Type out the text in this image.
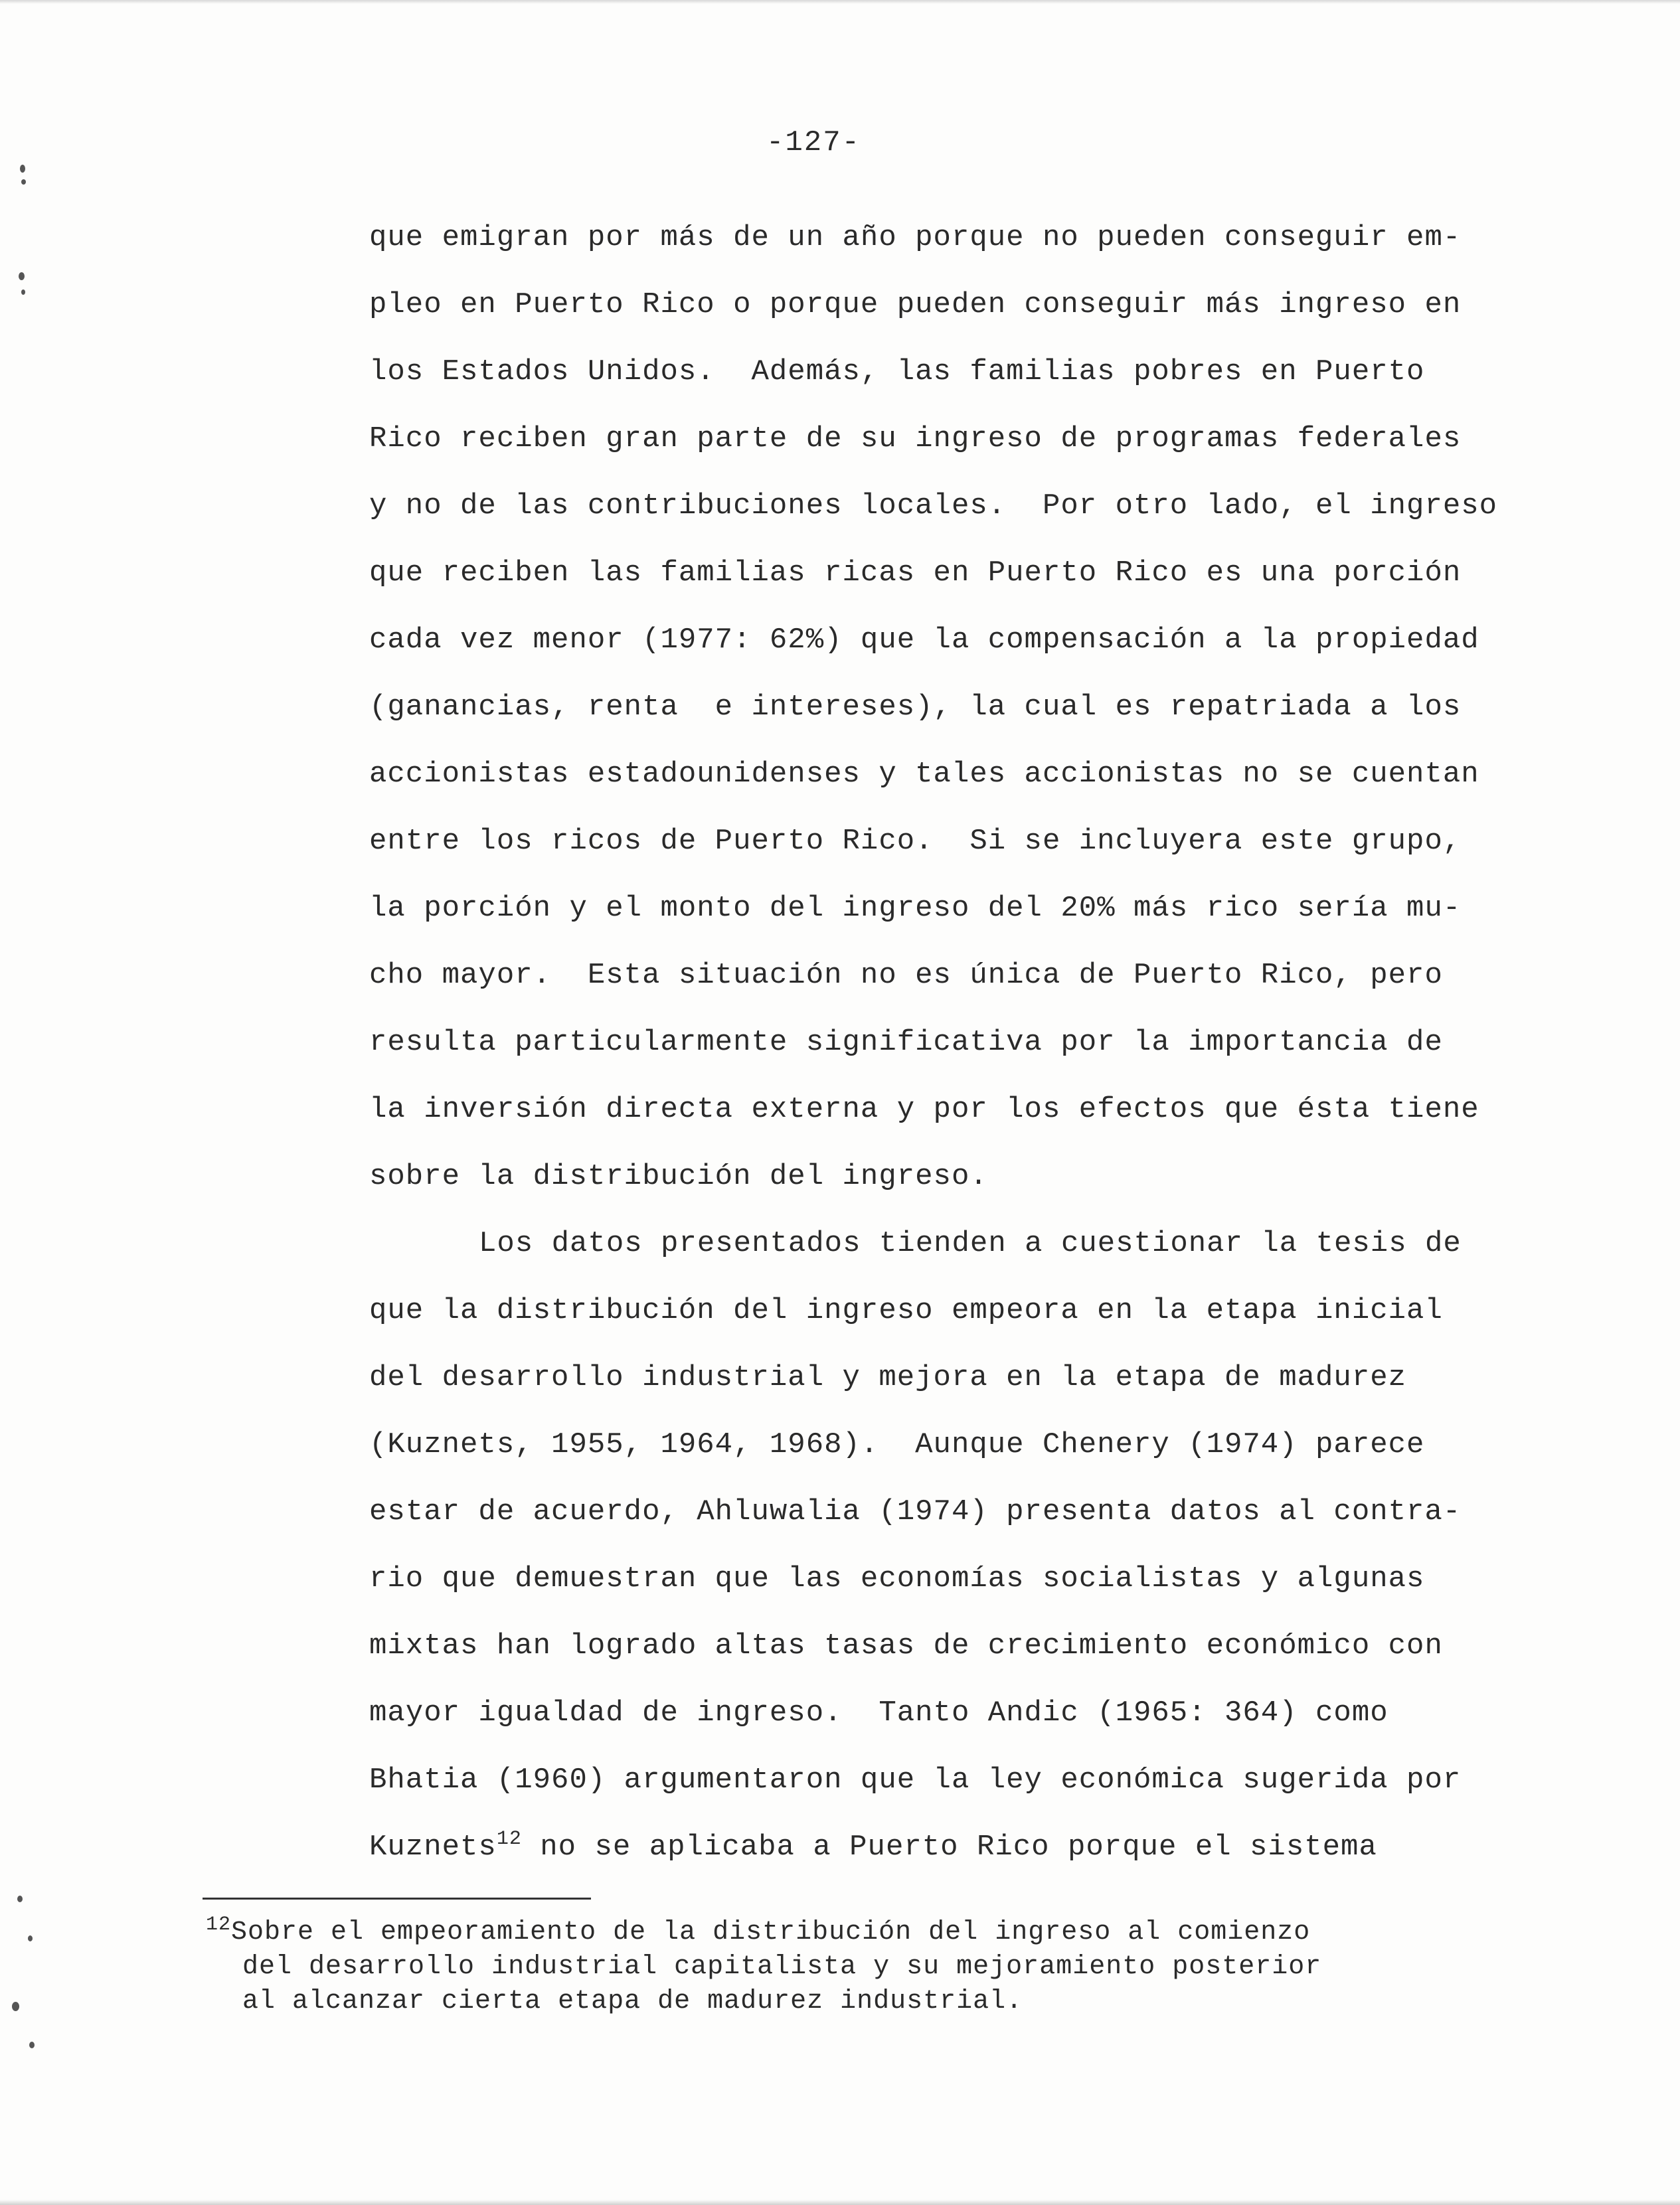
-127-
que emigran por más de un año porque no pueden conseguir em-
pleo en Puerto Rico o porque pueden conseguir más ingreso en
los Estados Unidos.  Además, las familias pobres en Puerto
Rico reciben gran parte de su ingreso de programas federales
y no de las contribuciones locales.  Por otro lado, el ingreso
que reciben las familias ricas en Puerto Rico es una porción
cada vez menor (1977: 62%) que la compensación a la propiedad
(ganancias, renta  e intereses), la cual es repatriada a los
accionistas estadounidenses y tales accionistas no se cuentan
entre los ricos de Puerto Rico.  Si se incluyera este grupo,
la porción y el monto del ingreso del 20% más rico sería mu-
cho mayor.  Esta situación no es única de Puerto Rico, pero
resulta particularmente significativa por la importancia de
la inversión directa externa y por los efectos que ésta tiene
sobre la distribución del ingreso.
Los datos presentados tienden a cuestionar la tesis de
que la distribución del ingreso empeora en la etapa inicial
del desarrollo industrial y mejora en la etapa de madurez
(Kuznets, 1955, 1964, 1968).  Aunque Chenery (1974) parece
estar de acuerdo, Ahluwalia (1974) presenta datos al contra-
rio que demuestran que las economías socialistas y algunas
mixtas han logrado altas tasas de crecimiento económico con
mayor igualdad de ingreso.  Tanto Andic (1965: 364) como
Bhatia (1960) argumentaron que la ley económica sugerida por
Kuznets$^{12}$ no se aplicaba a Puerto Rico porque el sistema
$^{12}$Sobre el empeoramiento de la distribución del ingreso al comienzo
del desarrollo industrial capitalista y su mejoramiento posterior
al alcanzar cierta etapa de madurez industrial.
